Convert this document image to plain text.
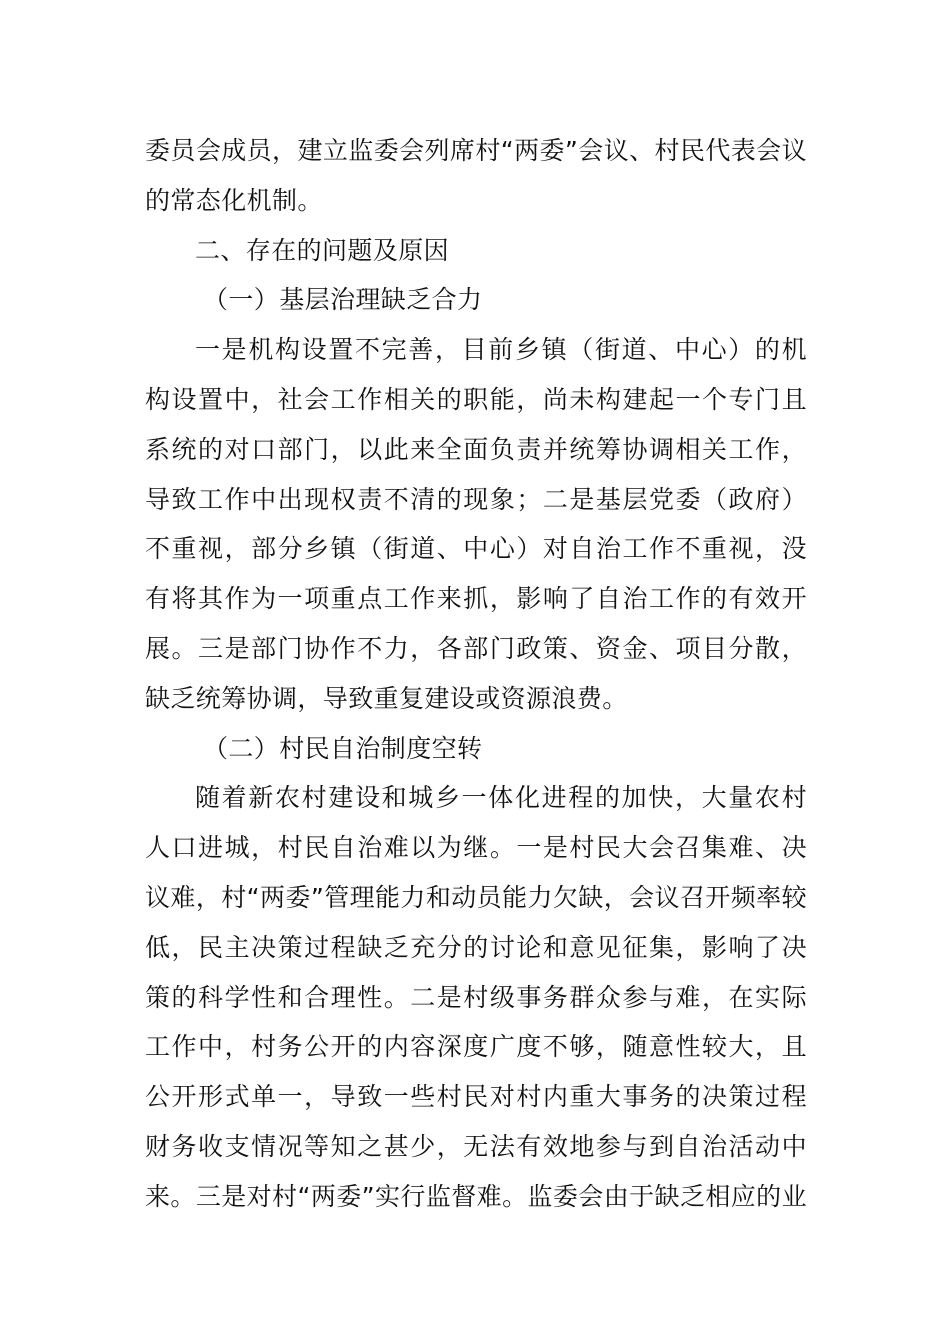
委员会成员，建立监委会列席村“两委”会议、村民代表会议
的常态化机制。
二、存在的问题及原因
（一）基层治理缺乏合力
一是机构设置不完善，目前乡镇（街道、中心）的机
构设置中，社会工作相关的职能，尚未构建起一个专门且
系统的对口部门，以此来全面负责并统筹协调相关工作，
导致工作中出现权责不清的现象；二是基层党委（政府）
不重视，部分乡镇（街道、中心）对自治工作不重视，没
有将其作为一项重点工作来抓，影响了自治工作的有效开
展。三是部门协作不力，各部门政策、资金、项目分散，
缺乏统筹协调，导致重复建设或资源浪费。
（二）村民自治制度空转
随着新农村建设和城乡一体化进程的加快，大量农村
人口进城，村民自治难以为继。一是村民大会召集难、决
议难，村“两委”管理能力和动员能力欠缺，会议召开频率较
低，民主决策过程缺乏充分的讨论和意见征集，影响了决
策的科学性和合理性。二是村级事务群众参与难，在实际
工作中，村务公开的内容深度广度不够，随意性较大，且
公开形式单一，导致一些村民对村内重大事务的决策过程
财务收支情况等知之甚少，无法有效地参与到自治活动中
来。三是对村“两委”实行监督难。监委会由于缺乏相应的业
